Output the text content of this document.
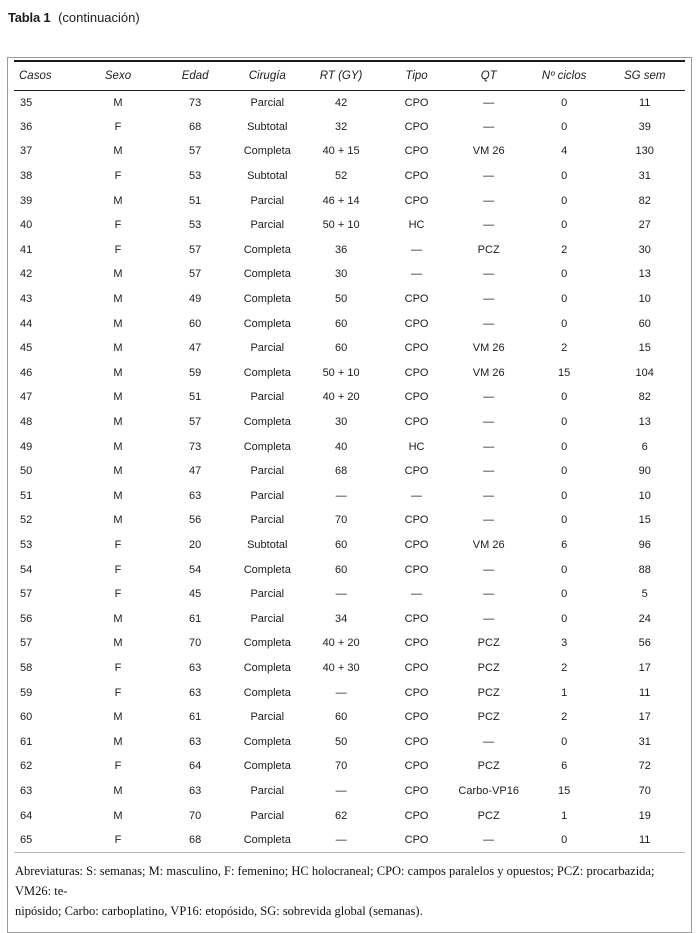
Tabla 1 (continuación)
Casos	Sexo	Edad	Cirugía	RT (GY)	Tipo	QT	Nº ciclos	SG sem
35	M	73	Parcial	42	CPO	—	0	11
36	F	68	Subtotal	32	CPO	—	0	39
37	M	57	Completa	40 + 15	CPO	VM 26	4	130
38	F	53	Subtotal	52	CPO	—	0	31
39	M	51	Parcial	46 + 14	CPO	—	0	82
40	F	53	Parcial	50 + 10	HC	—	0	27
41	F	57	Completa	36	—	PCZ	2	30
42	M	57	Completa	30	—	—	0	13
43	M	49	Completa	50	CPO	—	0	10
44	M	60	Completa	60	CPO	—	0	60
45	M	47	Parcial	60	CPO	VM 26	2	15
46	M	59	Completa	50 + 10	CPO	VM 26	15	104
47	M	51	Parcial	40 + 20	CPO	—	0	82
48	M	57	Completa	30	CPO	—	0	13
49	M	73	Completa	40	HC	—	0	6
50	M	47	Parcial	68	CPO	—	0	90
51	M	63	Parcial	—	—	—	0	10
52	M	56	Parcial	70	CPO	—	0	15
53	F	20	Subtotal	60	CPO	VM 26	6	96
54	F	54	Completa	60	CPO	—	0	88
57	F	45	Parcial	—	—	—	0	5
56	M	61	Parcial	34	CPO	—	0	24
57	M	70	Completa	40 + 20	CPO	PCZ	3	56
58	F	63	Completa	40 + 30	CPO	PCZ	2	17
59	F	63	Completa	—	CPO	PCZ	1	11
60	M	61	Parcial	60	CPO	PCZ	2	17
61	M	63	Completa	50	CPO	—	0	31
62	F	64	Completa	70	CPO	PCZ	6	72
63	M	63	Parcial	—	CPO	Carbo-VP16	15	70
64	M	70	Parcial	62	CPO	PCZ	1	19
65	F	68	Completa	—	CPO	—	0	11
Abreviaturas: S: semanas; M: masculino, F: femenino; HC holocraneal; CPO: campos paralelos y opuestos; PCZ: procarbazida; VM26: te-
nipósido; Carbo: carboplatino, VP16: etopósido, SG: sobrevida global (semanas).
